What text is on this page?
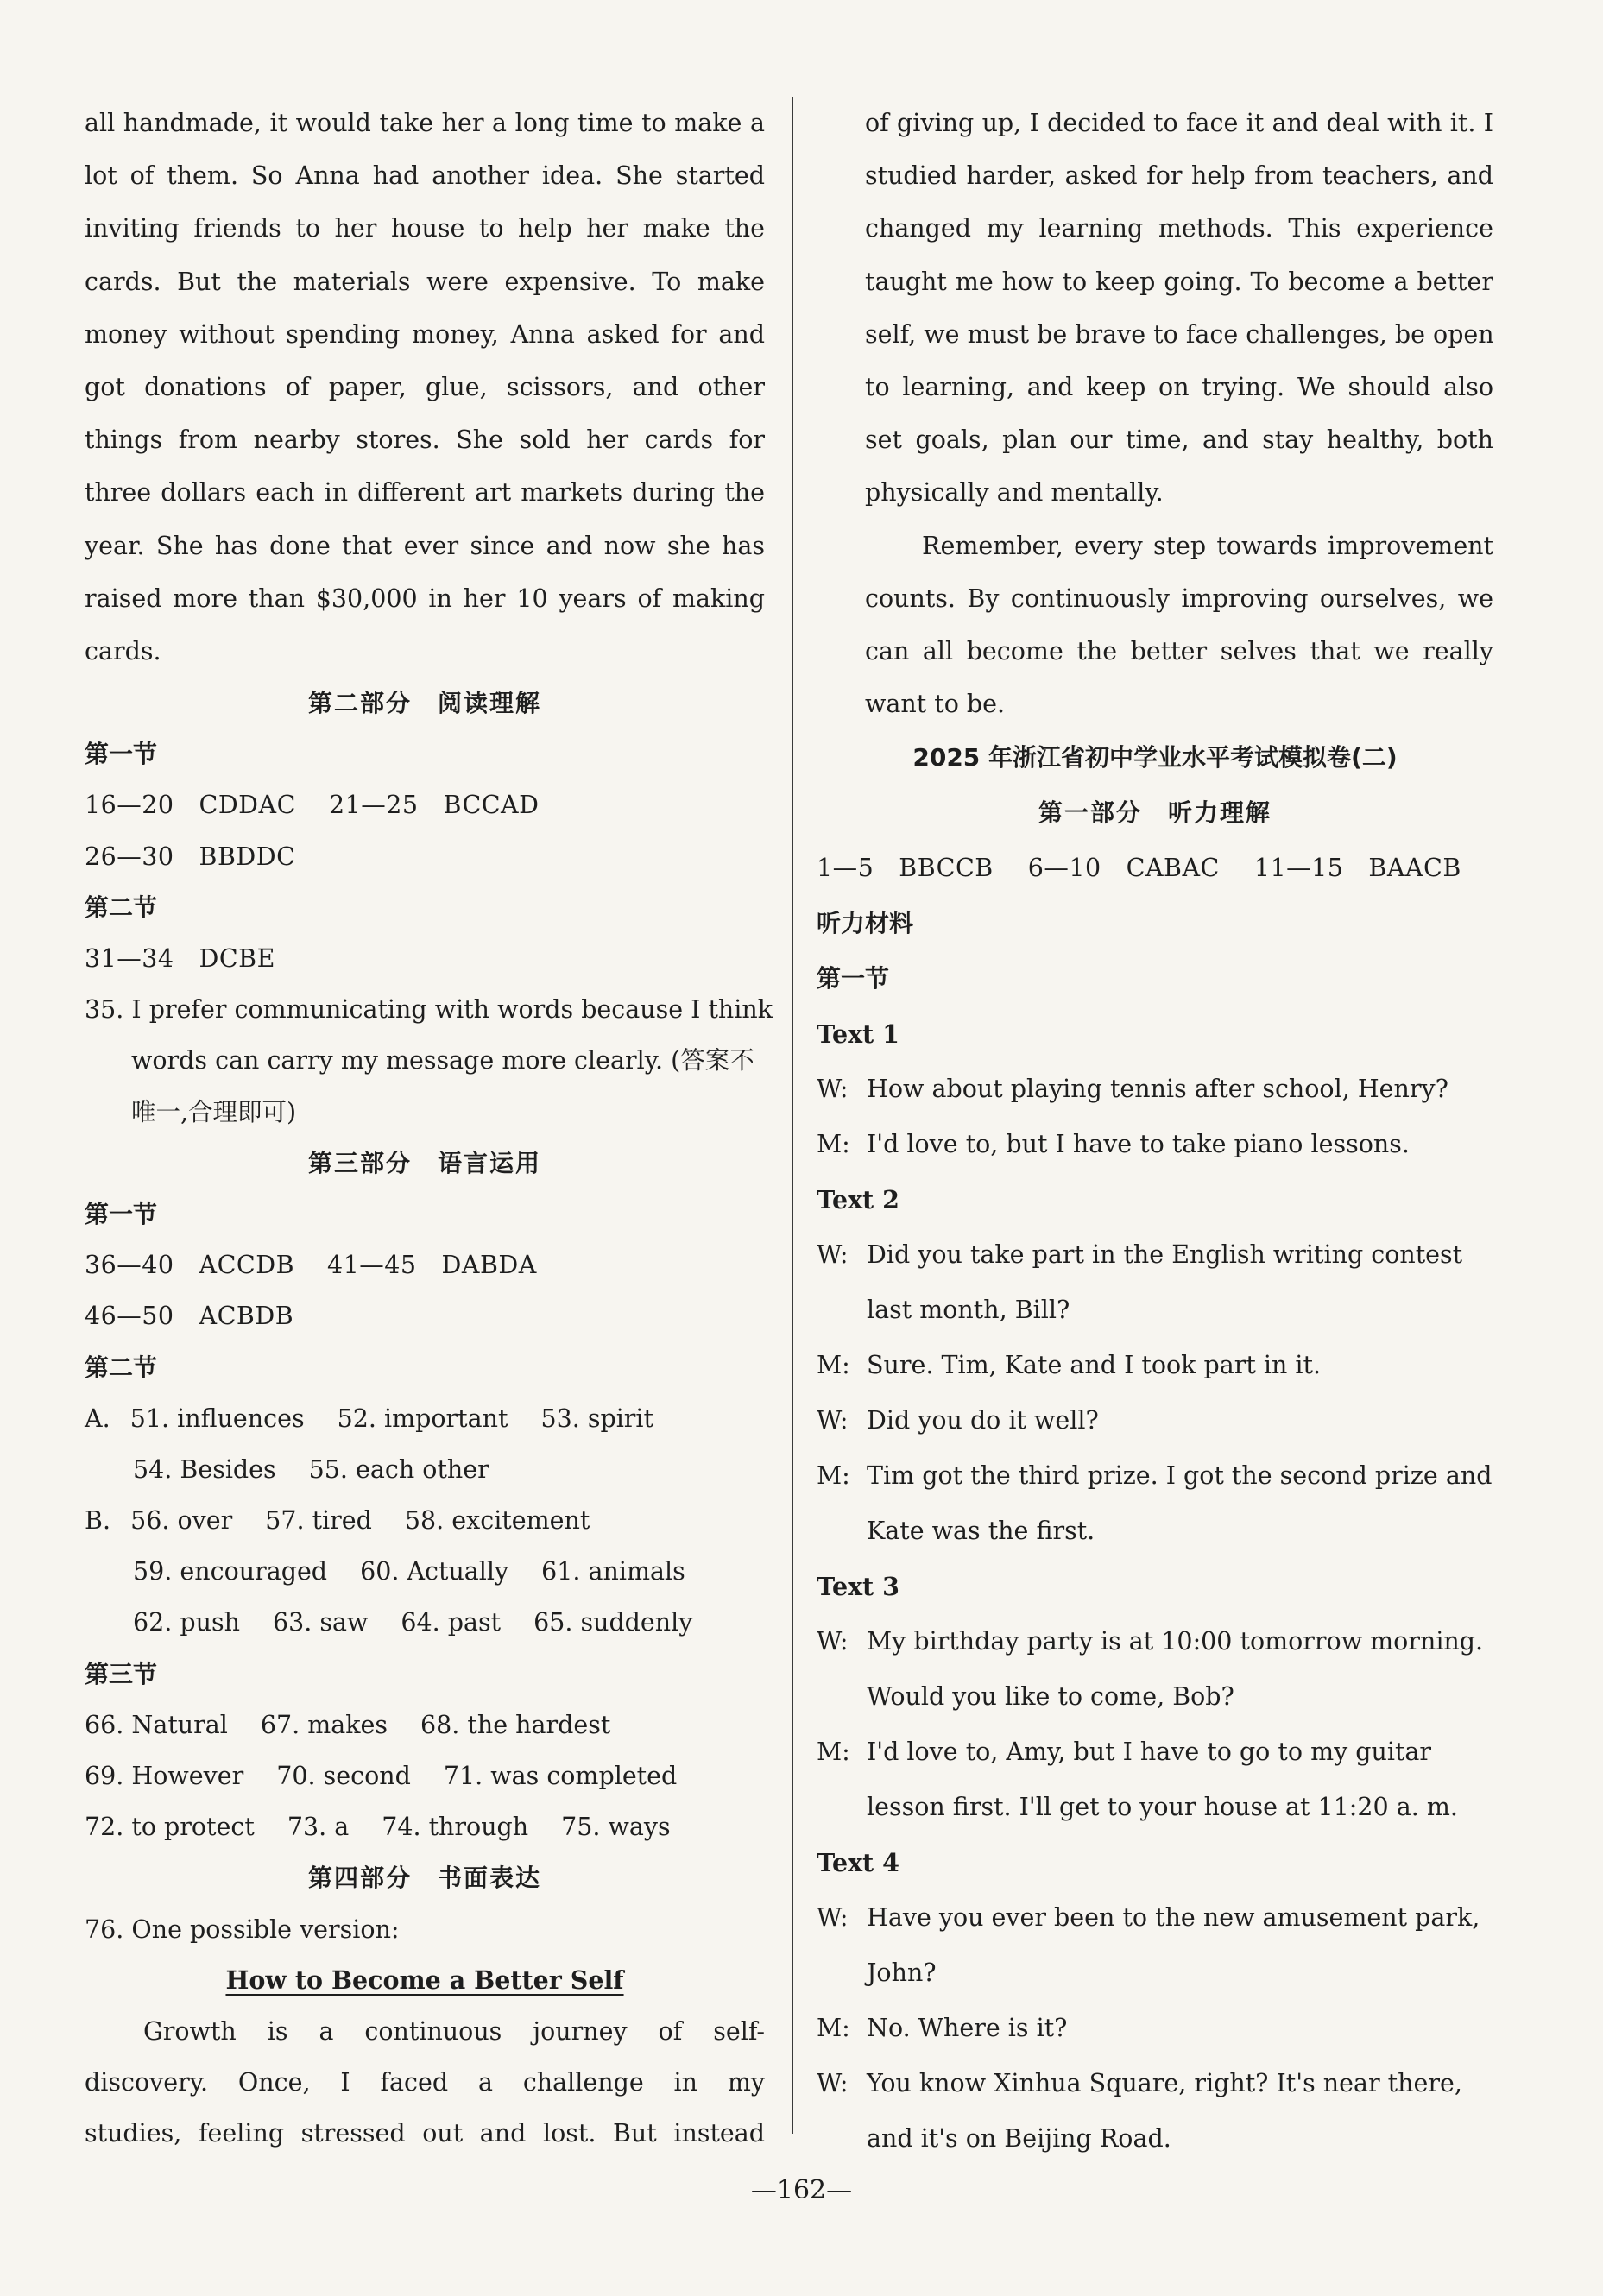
all handmade, it would take her a long time to make a
lot of them. So Anna had another idea. She started
inviting friends to her house to help her make the
cards. But the materials were expensive. To make
money without spending money, Anna asked for and
got donations of paper, glue, scissors, and other
things from nearby stores. She sold her cards for
three dollars each in different art markets during the
year. She has done that ever since and now she has
raised more than $30,000 in her 10 years of making
cards.
第二部分　阅读理解
第一节
16—20　CDDAC 21—25　BCCAD
26—30　BBDDC
第二节
31—34　DCBE
35. I prefer communicating with words because I think
words can carry my message more clearly. (答案不
唯一,合理即可)
第三部分　语言运用
第一节
36—40　ACCDB 41—45　DABDA
46—50　ACBDB
第二节
A. 51. influences 52. important 53. spirit
54. Besides 55. each other
B. 56. over 57. tired 58. excitement
59. encouraged 60. Actually 61. animals
62. push 63. saw 64. past 65. suddenly
第三节
66. Natural 67. makes 68. the hardest
69. However 70. second 71. was completed
72. to protect 73. a 74. through 75. ways
第四部分　书面表达
76. One possible version:
How to Become a Better Self
Growth is a continuous journey of self-
discovery. Once, I faced a challenge in my
studies, feeling stressed out and lost. But instead
of giving up, I decided to face it and deal with it. I
studied harder, asked for help from teachers, and
changed my learning methods. This experience
taught me how to keep going. To become a better
self, we must be brave to face challenges, be open
to learning, and keep on trying. We should also
set goals, plan our time, and stay healthy, both
physically and mentally.
Remember, every step towards improvement
counts. By continuously improving ourselves, we
can all become the better selves that we really
want to be.
2025 年浙江省初中学业水平考试模拟卷(二)
第一部分　听力理解
1—5　BBCCB 6—10　CABAC 11—15　BAACB
听力材料
第一节
Text 1
W: How about playing tennis after school, Henry?
M: I'd love to, but I have to take piano lessons.
Text 2
W: Did you take part in the English writing contest
last month, Bill?
M: Sure. Tim, Kate and I took part in it.
W: Did you do it well?
M: Tim got the third prize. I got the second prize and
Kate was the first.
Text 3
W: My birthday party is at 10:00 tomorrow morning.
Would you like to come, Bob?
M: I'd love to, Amy, but I have to go to my guitar
lesson first. I'll get to your house at 11:20 a. m.
Text 4
W: Have you ever been to the new amusement park,
John?
M: No. Where is it?
W: You know Xinhua Square, right? It's near there,
and it's on Beijing Road.
—162—
